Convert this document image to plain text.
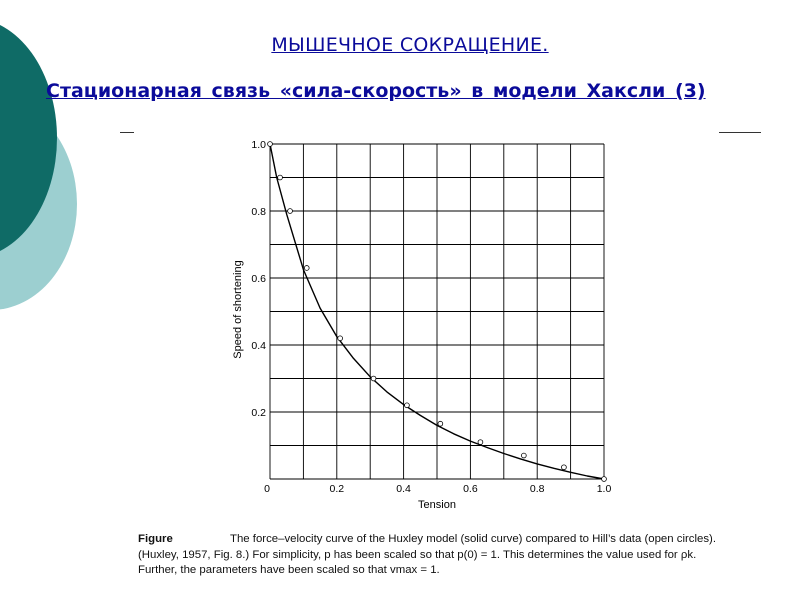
МЫШЕЧНОЕ СОКРАЩЕНИЕ.
Стационарная связь «сила-скорость» в модели Хаксли (3)
0	0.2	0.4	0.6	0.8	1.0
0.2
0.4
0.6
0.8
1.0
Tension
Speed of shortening
Figure	The force–velocity curve of the Huxley model (solid curve) compared to Hill’s data (open circles). (Huxley, 1957, Fig. 8.) For simplicity, p has been scaled so that p(0) = 1. This determines the value used for ρk. Further, the parameters have been scaled so that vmax = 1.
